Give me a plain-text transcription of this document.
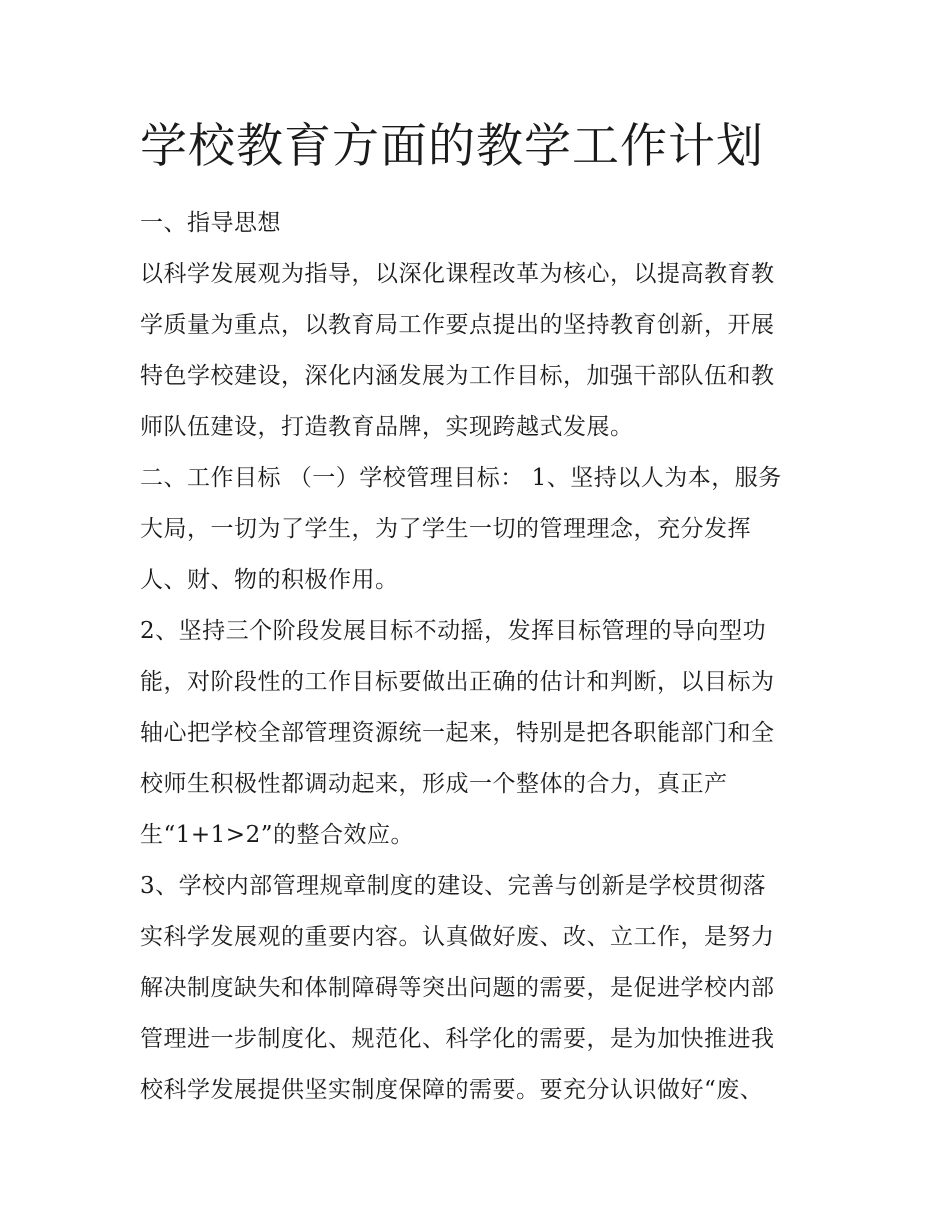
学校教育方面的教学工作计划
一、指导思想
以科学发展观为指导，以深化课程改革为核心，以提高教育教
学质量为重点，以教育局工作要点提出的坚持教育创新，开展
特色学校建设，深化内涵发展为工作目标，加强干部队伍和教
师队伍建设，打造教育品牌，实现跨越式发展。
二、工作目标 （一）学校管理目标： 1、坚持以人为本，服务
大局，一切为了学生，为了学生一切的管理理念，充分发挥
人、财、物的积极作用。
2、坚持三个阶段发展目标不动摇，发挥目标管理的导向型功
能，对阶段性的工作目标要做出正确的估计和判断，以目标为
轴心把学校全部管理资源统一起来，特别是把各职能部门和全
校师生积极性都调动起来，形成一个整体的合力，真正产
生“1+1>2”的整合效应。
3、学校内部管理规章制度的建设、完善与创新是学校贯彻落
实科学发展观的重要内容。认真做好废、改、立工作，是努力
解决制度缺失和体制障碍等突出问题的需要，是促进学校内部
管理进一步制度化、规范化、科学化的需要，是为加快推进我
校科学发展提供坚实制度保障的需要。要充分认识做好“废、
